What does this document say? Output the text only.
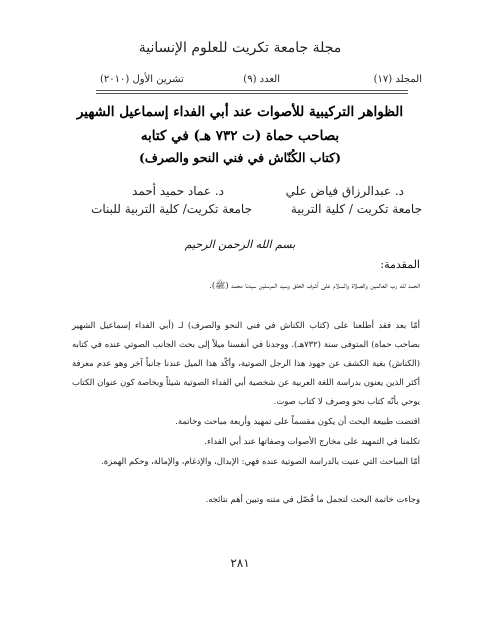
مجلة جامعة تكريت للعلوم الإنسانية
المجلد (١٧)
العدد (٩)
تشرين الأول (٢٠١٠)
الظواهر التركيبية للأصوات عند أبي الفداء إسماعيل الشهير
بصاحب حماة (ت ٧٣٢ هـ) في كتابه
(كتاب الكُنّاش في فني النحو والصرف)
د. عبدالرزاق فياض علي
د. عماد حميد أحمد
جامعة تكريت / كلية التربية
جامعة تكريت/ كلية التربية للبنات
بسم الله الرحمن الرحيم
المقدمة:
الحمد لله رب العالمين والصلاة والسلام على أشرف الخلق وسيد المرسلين سيدنا محمد (ﷺ).
أمّا بعد فقد أطلعنا على (كتاب الكناش في فني النحو والصرف) لـ (أبي الفداء إسماعيل الشهير بصاحب حماة) المتوفى سنة (٧٣٢هـ). ووجدنا في أنفسنا ميلاً إلى بحث الجانب الصوتي عنده في كتابه (الكناش) بغية الكشف عن جهود هذا الرجل الصوتية، وأكّد هذا الميل عندنا جانباً آخر وهو عدم معرفة أكثر الذين يعنون بدراسة اللغة العربية عن شخصية أبي الفداء الصوتية شيئاً وبخاصة كون عنوان الكتاب يوحي بأنّه كتاب نحو وصرف لا كتاب صوت.
اقتضت طبيعة البحث أن يكون مقسماً على تمهيد وأربعة مباحث وخاتمة.
تكلمنا في التمهيد على مخارج الأصوات وصفاتها عند أبي الفداء.
أمّا المباحث التي عنيت بالدراسة الصوتية عنده فهي: الإبدال، والإدغام، والإمالة، وحكم الهمزة.
وجاءت خاتمة البحث لتجمل ما فُصّل في متنه وتبين أهم نتائجه.
٢٨١
